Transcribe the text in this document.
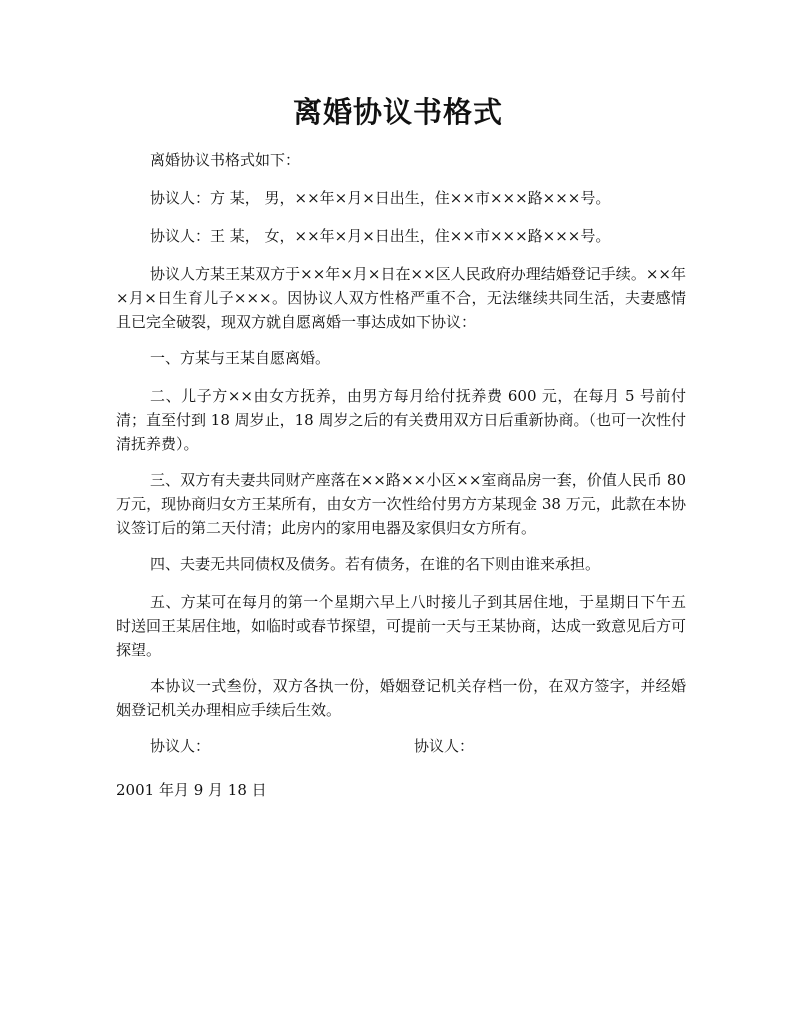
离婚协议书格式

离婚协议书格式如下：

协议人：方 某， 男，××年×月×日出生，住××市×××路×××号。

协议人：王 某， 女，××年×月×日出生，住××市×××路×××号。

协议人方某王某双方于××年×月×日在××区人民政府办理结婚登记手续。××年×月×日生育儿子×××。因协议人双方性格严重不合，无法继续共同生活，夫妻感情且已完全破裂，现双方就自愿离婚一事达成如下协议：

一、方某与王某自愿离婚。

二、儿子方××由女方抚养，由男方每月给付抚养费 600 元，在每月 5 号前付清；直至付到 18 周岁止，18 周岁之后的有关费用双方日后重新协商。（也可一次性付清抚养费）。

三、双方有夫妻共同财产座落在××路××小区××室商品房一套，价值人民币 80 万元，现协商归女方王某所有，由女方一次性给付男方方某现金 38 万元，此款在本协议签订后的第二天付清；此房内的家用电器及家俱归女方所有。

四、夫妻无共同债权及债务。若有债务，在谁的名下则由谁来承担。

五、方某可在每月的第一个星期六早上八时接儿子到其居住地，于星期日下午五时送回王某居住地，如临时或春节探望，可提前一天与王某协商，达成一致意见后方可探望。

本协议一式叁份，双方各执一份，婚姻登记机关存档一份，在双方签字，并经婚姻登记机关办理相应手续后生效。

协议人：	协议人：
2001 年月 9 月 18 日
